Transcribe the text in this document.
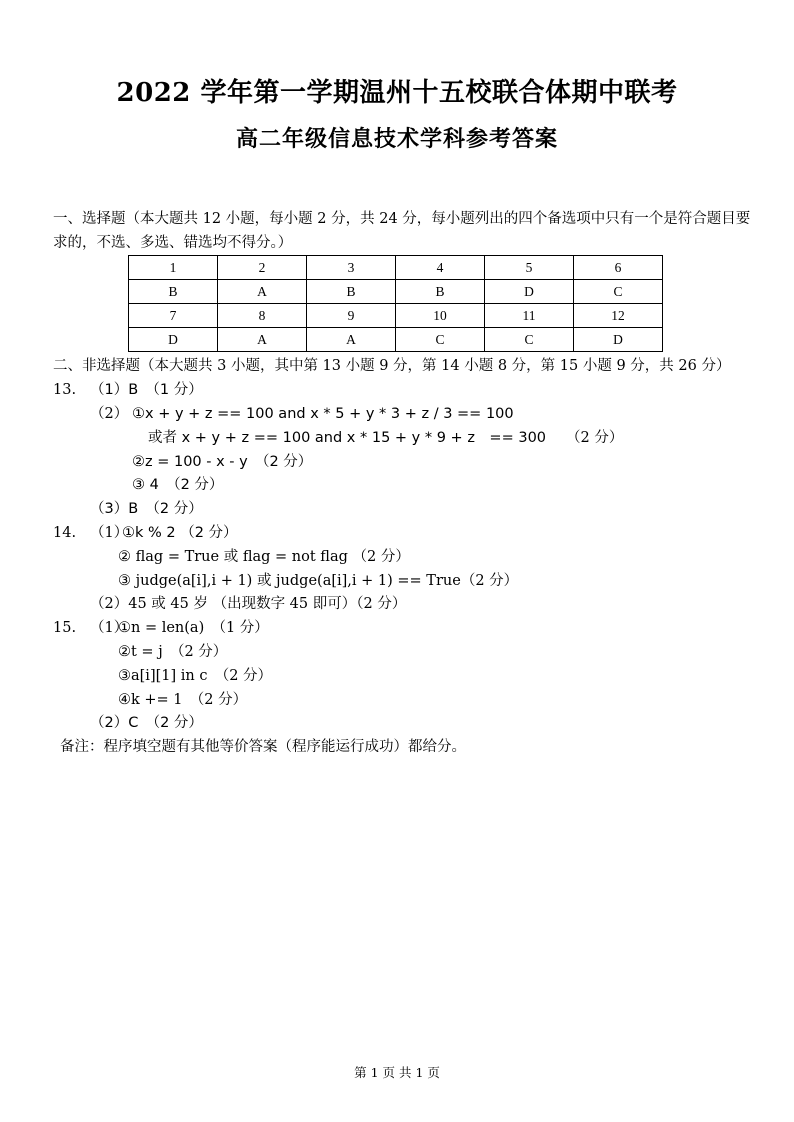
2022 学年第一学期温州十五校联合体期中联考
高二年级信息技术学科参考答案
一、选择题（本大题共 12 小题，每小题 2 分，共 24 分，每小题列出的四个备选项中只有一个是符合题目要求的，不选、多选、错选均不得分。）
1	2	3	4	5	6
B	A	B	B	D	C
7	8	9	10	11	12
D	A	A	C	C	D
二、非选择题（本大题共 3 小题，其中第 13 小题 9 分，第 14 小题 8 分，第 15 小题 9 分，共 26 分）
13. （1）B　（1 分）
（2） ①x + y + z == 100 and x * 5 + y * 3 + z / 3 == 100
或者 x + y + z == 100 and x * 15 + y * 9 + z　== 300 （2 分）
②z = 100 - x - y　（2 分）
③ 4　（2 分）
（3）B　（2 分）
14. （1）
①k % 2 （2 分）
② flag = True 或 flag = not flag （2 分）
③ judge(a[i],i + 1) 或 judge(a[i],i + 1) == True（2 分）
（2）45 或 45 岁 （出现数字 45 即可）（2 分）
15. （1）
①n = len(a)　（1 分）
②t = j　（2 分）
③a[i][1] in c　（2 分）
④k += 1　（2 分）
（2）C　（2 分）
备注：程序填空题有其他等价答案（程序能运行成功）都给分。
第 1 页 共 1 页
